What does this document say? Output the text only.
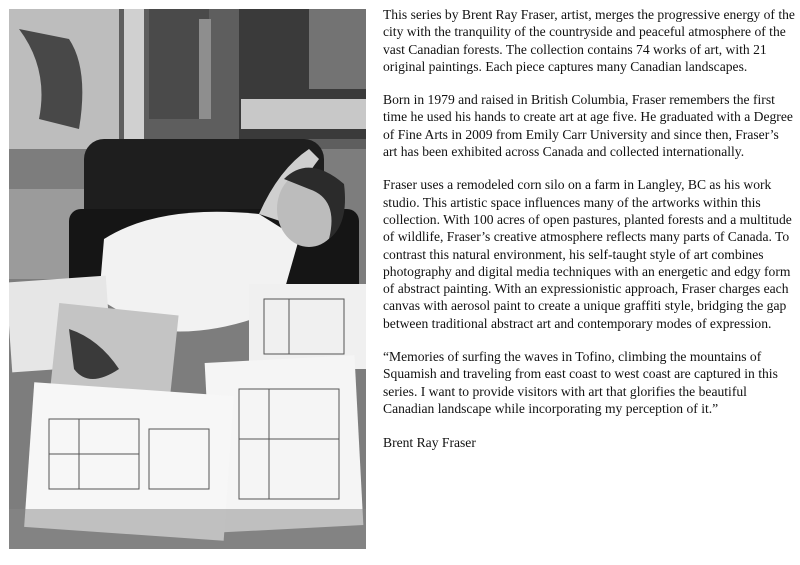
This series by Brent Ray Fraser, artist, merges the progressive energy of the city with the tranquility of the countryside and peaceful atmosphere of the vast Canadian forests. The collection contains 74 works of art, with 21 original paintings. Each piece captures many Canadian landscapes.

Born in 1979 and raised in British Columbia, Fraser remembers the first time he used his hands to create art at age five. He graduated with a Degree of Fine Arts in 2009 from Emily Carr University and since then, Fraser’s art has been exhibited across Canada and collected internationally.

Fraser uses a remodeled corn silo on a farm in Langley, BC as his work studio. This artistic space influences many of the artworks within this collection. With 100 acres of open pastures, planted forests and a multitude of wildlife, Fraser’s creative atmosphere reflects many parts of Canada. To contrast this natural environment, his self-taught style of art combines photography and digital media techniques with an energetic and edgy form of abstract painting. With an expressionistic approach, Fraser charges each canvas with aerosol paint to create a unique graffiti style, bridging the gap between traditional abstract art and contemporary modes of expression.

“Memories of surfing the waves in Tofino, climbing the mountains of Squamish and traveling from east coast to west coast are captured in this series. I want to provide visitors with art that glorifies the beautiful Canadian landscape while incorporating my perception of it.”

Brent Ray Fraser
